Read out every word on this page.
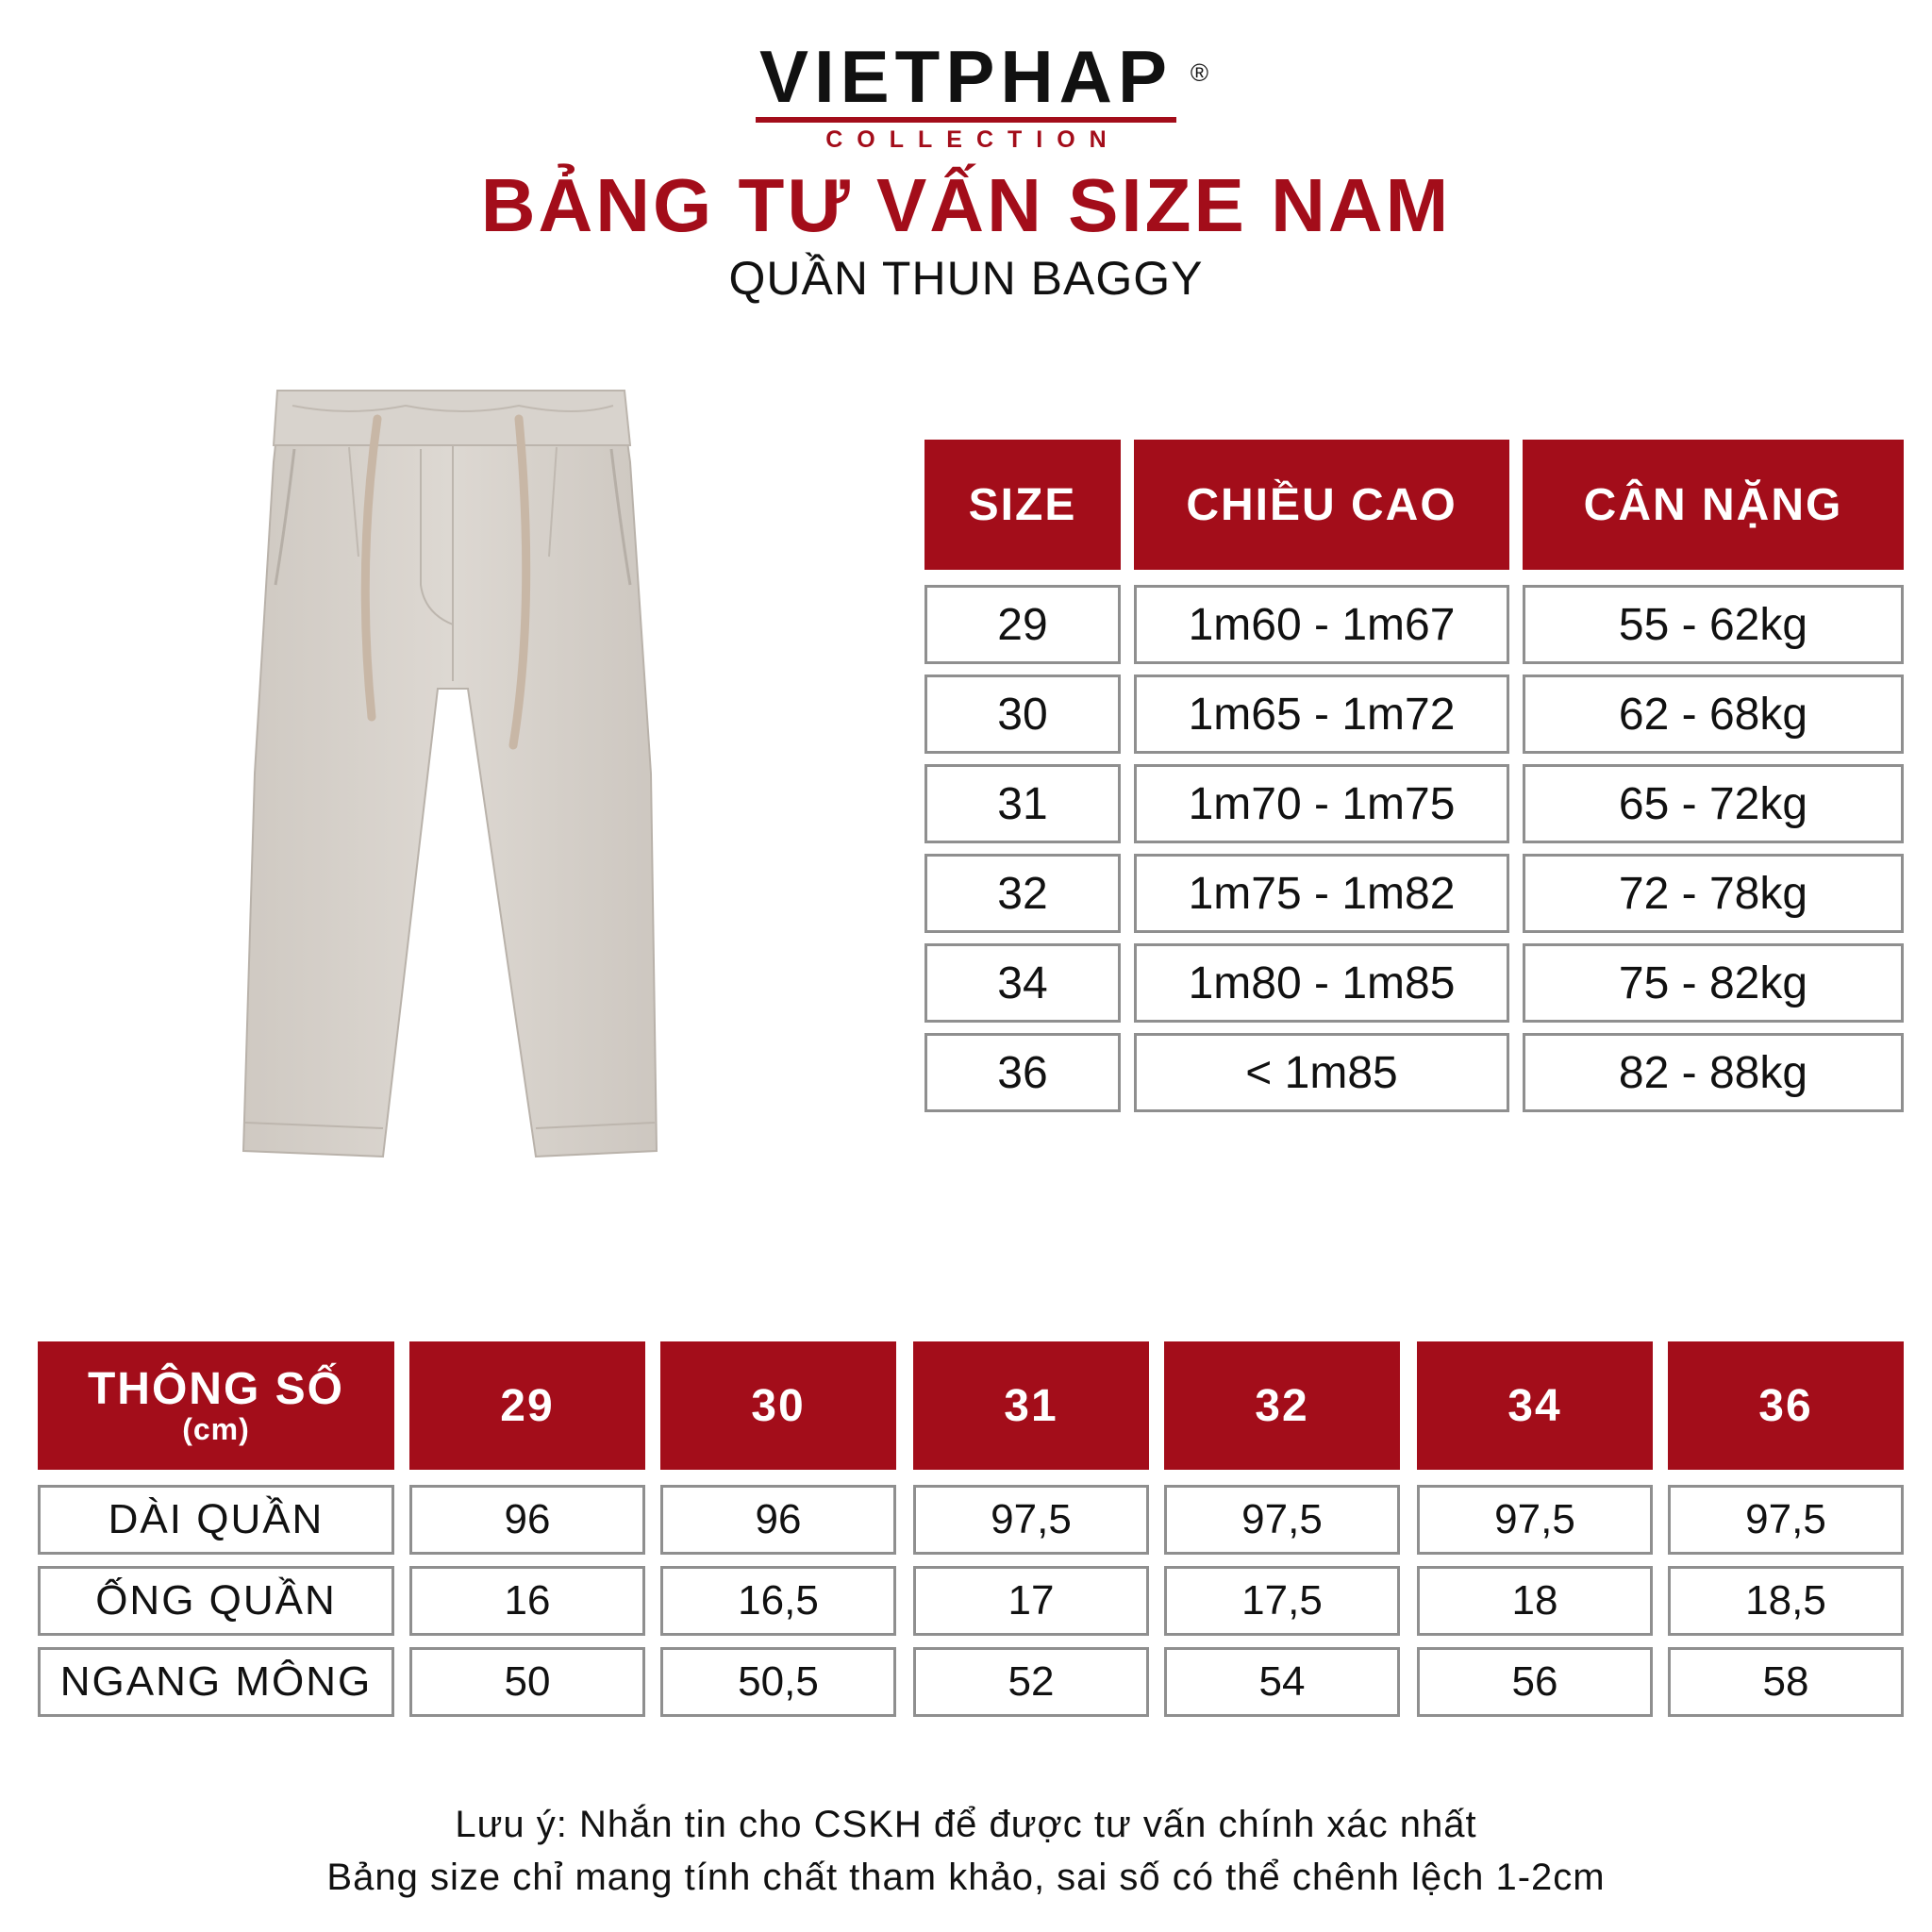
VIETPHAP ®
COLLECTION
BẢNG TƯ VẤN SIZE NAM
QUẦN THUN BAGGY
SIZE	CHIỀU CAO	CÂN NẶNG
29	1m60 - 1m67	55 - 62kg
30	1m65 - 1m72	62 - 68kg
31	1m70 - 1m75	65 - 72kg
32	1m75 - 1m82	72 - 78kg
34	1m80 - 1m85	75 - 82kg
36	< 1m85	82 - 88kg
THÔNG SỐ
(cm)	29	30	31	32	34	36
DÀI QUẦN	96	96	97,5	97,5	97,5	97,5
ỐNG QUẦN	16	16,5	17	17,5	18	18,5
NGANG MÔNG	50	50,5	52	54	56	58
Lưu ý: Nhắn tin cho CSKH để được tư vấn chính xác nhất
Bảng size chỉ mang tính chất tham khảo, sai số có thể chênh lệch 1-2cm
